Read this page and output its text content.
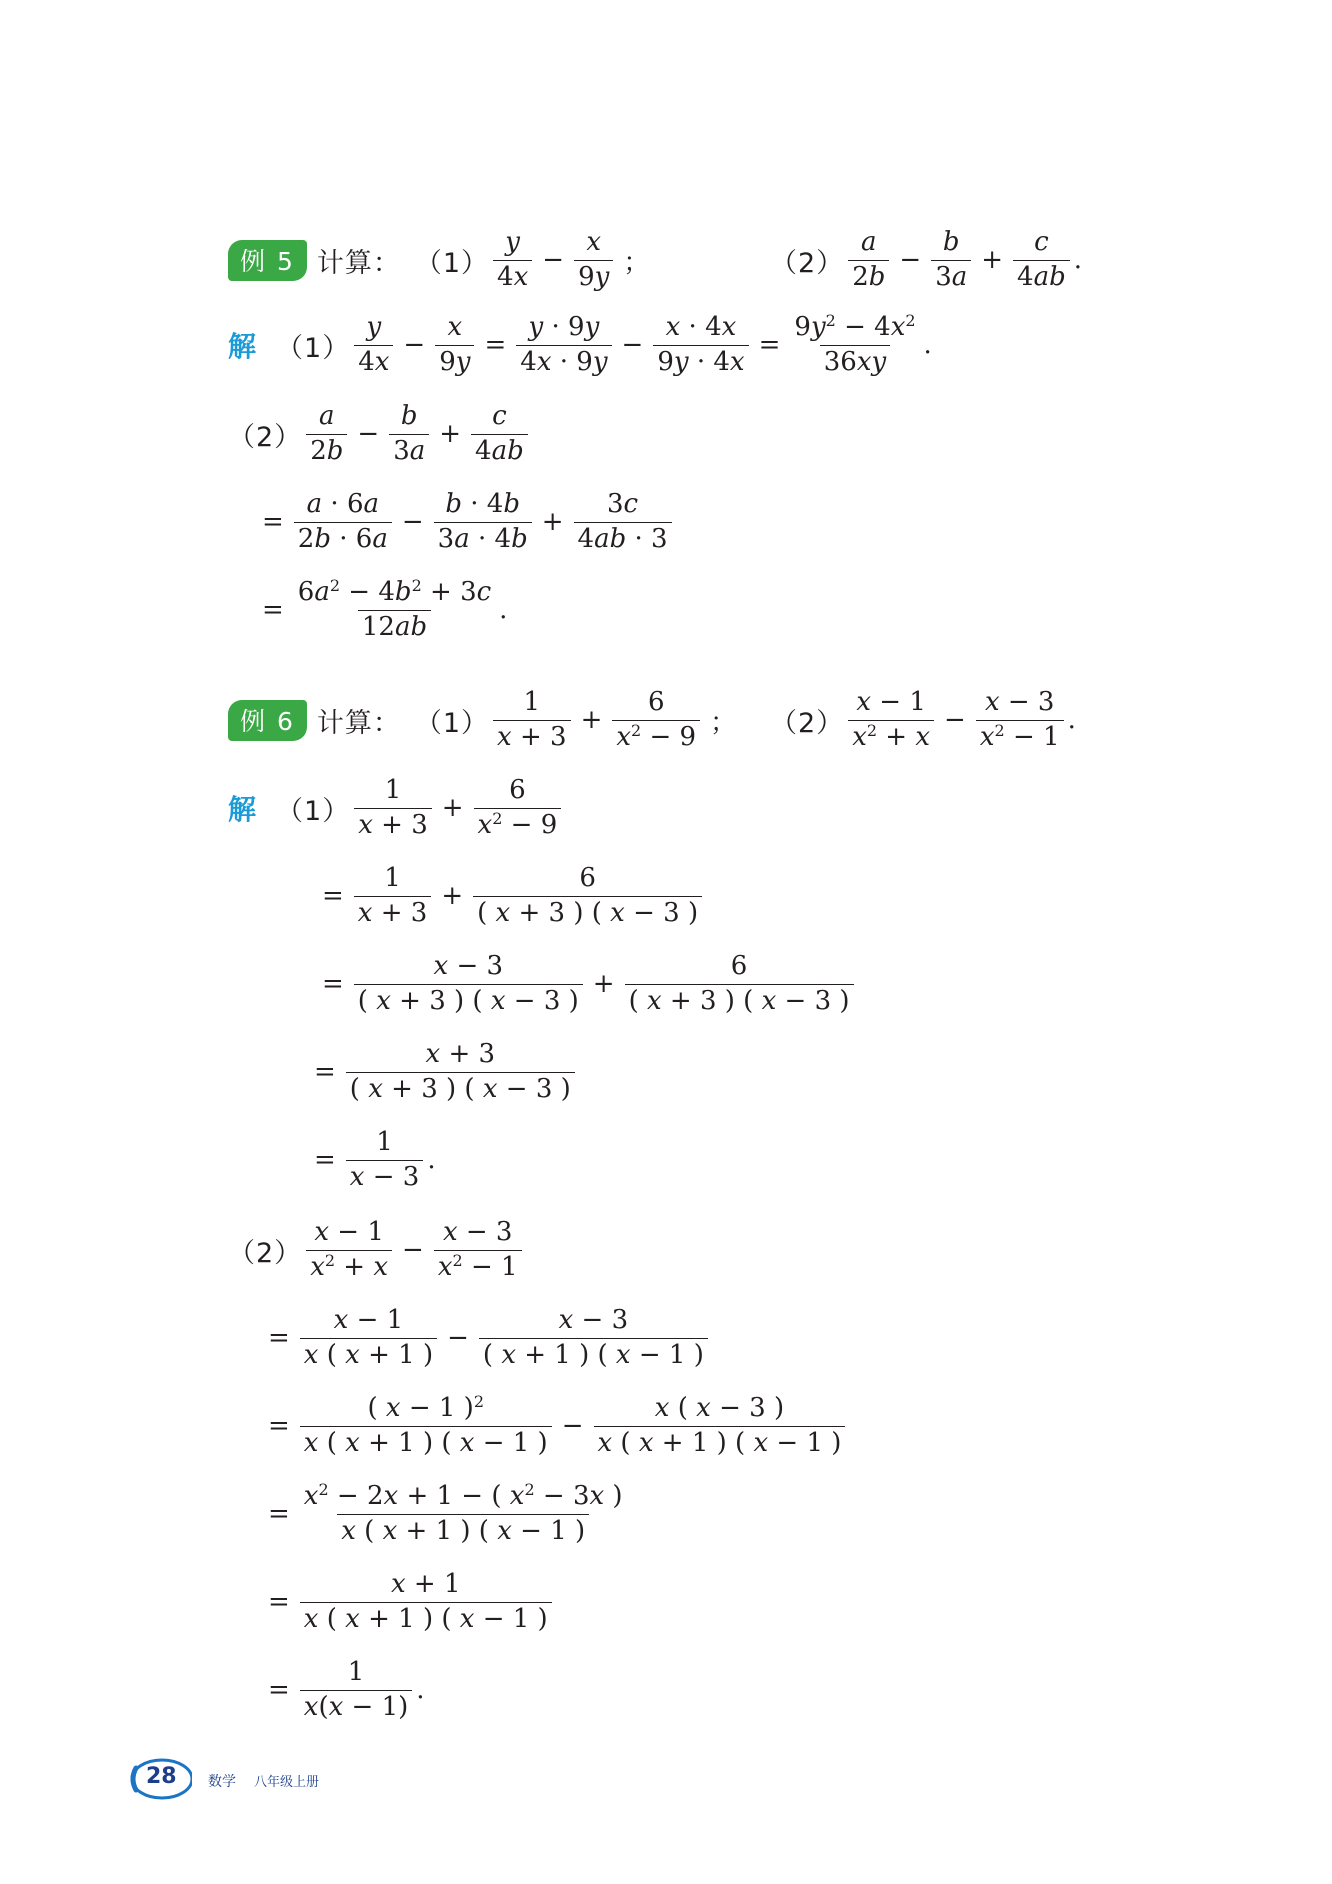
例 5 计算： $(1) \frac{y}{4x} - \frac{x}{9y}$ ；	$(2) \frac{a}{2b} - \frac{b}{3a} + \frac{c}{4ab}$ .
解 $(1) \frac{y}{4x} - \frac{x}{9y} = \frac{y \cdot 9y}{4x \cdot 9y} - \frac{x \cdot 4x}{9y \cdot 4x} = \frac{9y^2 - 4x^2}{36xy}$ .
$(2) \frac{a}{2b} - \frac{b}{3a} + \frac{c}{4ab}$
= $\frac{a \cdot 6a}{2b \cdot 6a} - \frac{b \cdot 4b}{3a \cdot 4b} + \frac{3c}{4ab \cdot 3}$
= $\frac{6a^2 - 4b^2 + 3c}{12ab}$ .
例 6 计算： $(1) \frac{1}{x + 3} + \frac{6}{x^2 - 9}$ ； $(2) \frac{x - 1}{x^2 + x} - \frac{x - 3}{x^2 - 1}$ .
解 $(1) \frac{1}{x + 3} + \frac{6}{x^2 - 9}$
= $\frac{1}{x + 3} + \frac{6}{( x + 3 ) ( x - 3 )}$
= $\frac{x - 3}{( x + 3 ) ( x - 3 )} + \frac{6}{( x + 3 ) ( x - 3 )}$
= $\frac{x + 3}{( x + 3 ) ( x - 3 )}$
= $\frac{1}{x - 3}$ .
$(2) \frac{x - 1}{x^2 + x} - \frac{x - 3}{x^2 - 1}$
= $\frac{x - 1}{x ( x + 1 )} - \frac{x - 3}{( x + 1 ) ( x - 1 )}$
= $\frac{( x - 1 )^2}{x ( x + 1 ) ( x - 1 )} - \frac{x ( x - 3 )}{x ( x + 1 ) ( x - 1 )}$
= $\frac{x^2 - 2x + 1 - ( x^2 - 3x )}{x ( x + 1 ) ( x - 1 )}$
= $\frac{x + 1}{x ( x + 1 ) ( x - 1 )}$
= $\frac{1}{x(x - 1)}$ .
28 数学 八年级上册
